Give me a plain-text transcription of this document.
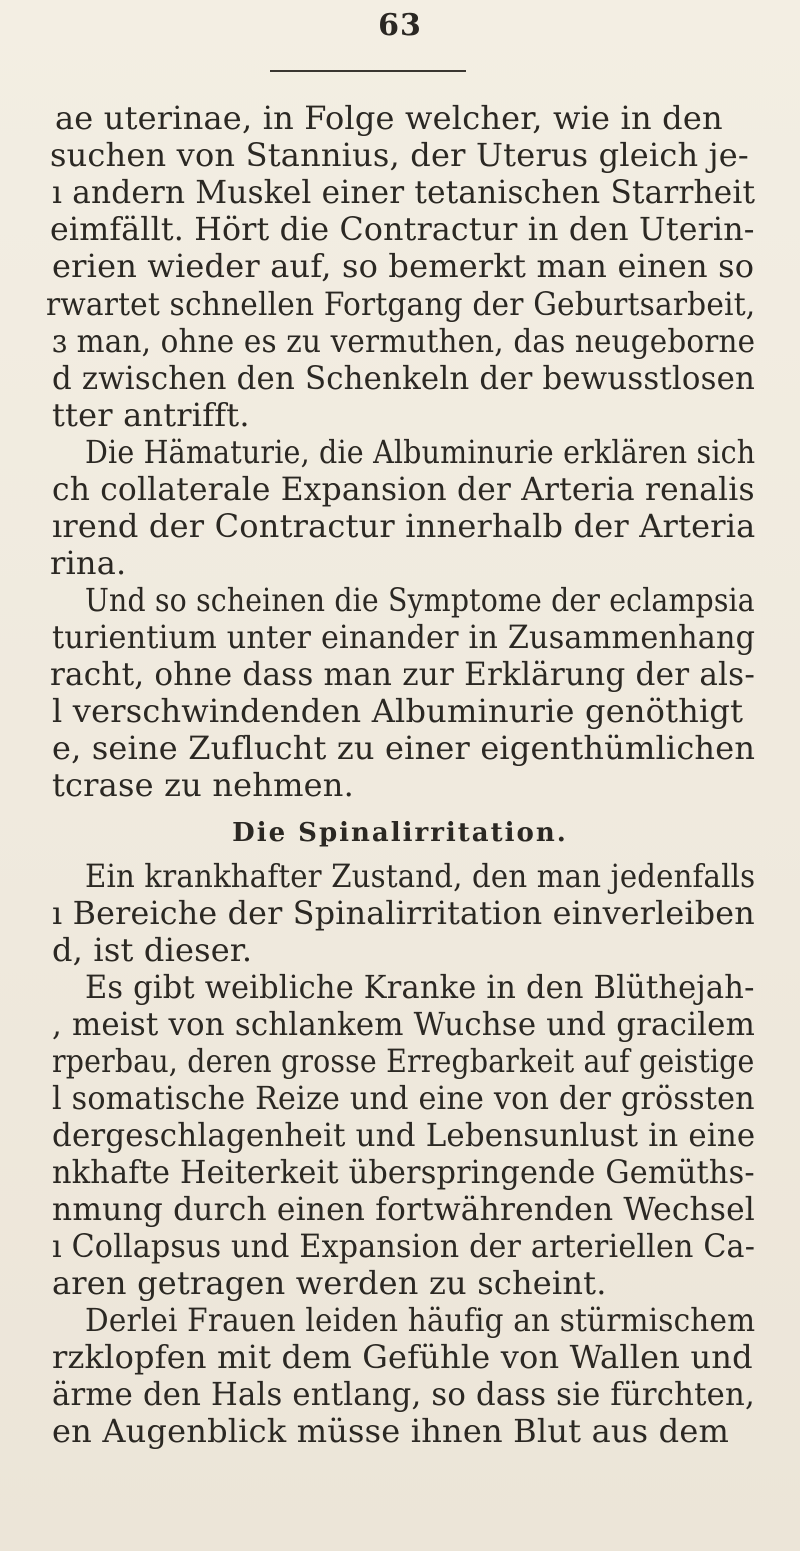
63
ae uterinae, in Folge welcher, wie in den
suchen von Stannius, der Uterus gleich je-
ı andern Muskel einer tetanischen Starrheit
eimfällt. Hört die Contractur in den Uterin-
erien wieder auf, so bemerkt man einen so
rwartet schnellen Fortgang der Geburtsarbeit,
ɜ man, ohne es zu vermuthen, das neugeborne
d zwischen den Schenkeln der bewusstlosen
tter antrifft.
Die Hämaturie, die Albuminurie erklären sich
ch collaterale Expansion der Arteria renalis
ırend der Contractur innerhalb der Arteria
rina.
Und so scheinen die Symptome der eclampsia
turientium unter einander in Zusammenhang
racht, ohne dass man zur Erklärung der als-
l verschwindenden Albuminurie genöthigt
e, seine Zuflucht zu einer eigenthümlichen
tcrase zu nehmen.
Die Spinalirritation.
Ein krankhafter Zustand, den man jedenfalls
ı Bereiche der Spinalirritation einverleiben
d, ist dieser.
Es gibt weibliche Kranke in den Blüthejah-
, meist von schlankem Wuchse und gracilem
rperbau, deren grosse Erregbarkeit auf geistige
l somatische Reize und eine von der grössten
dergeschlagenheit und Lebensunlust in eine
nkhafte Heiterkeit überspringende Gemüths-
nmung durch einen fortwährenden Wechsel
ı Collapsus und Expansion der arteriellen Ca-
aren getragen werden zu scheint.
Derlei Frauen leiden häufig an stürmischem
rzklopfen mit dem Gefühle von Wallen und
ärme den Hals entlang, so dass sie fürchten,
en Augenblick müsse ihnen Blut aus dem
